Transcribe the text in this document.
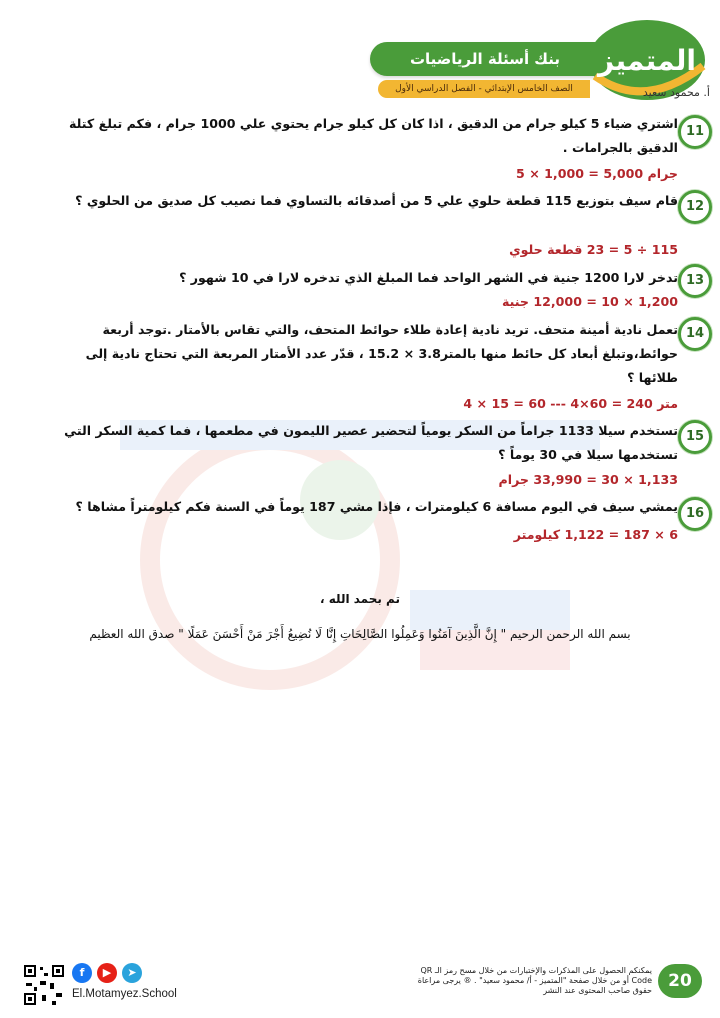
بنك أسئلة الرياضيات
الصف الخامس الإبتدائي - الفصل الدراسي الأول
المتميز
أ. محمود سعيد
11
اشتري ضياء 5 كيلو جرام من الدقيق ، اذا كان كل كيلو جرام يحتوي علي 1000 جرام ، فكم تبلغ كتلة الدقيق بالجرامات .
جرام 5,000 = 1,000 × 5
12
قام سيف بتوزيع 115 قطعة حلوي علي 5 من أصدقائه بالتساوي فما نصيب كل صديق من الحلوي ؟
115 ÷ 5 = 23 قطعة حلوي
13
تدخر لارا 1200 جنية في الشهر الواحد فما المبلغ الذي تدخره لارا في 10 شهور ؟
1,200 × 10 = 12,000 جنية
14
تعمل نادية أمينة متحف. تريد نادية إعادة طلاء حوائط المتحف، والتي تقاس بالأمتار .توجد أربعة حوائط،وتبلغ أبعاد كل حائط منها بالمتر3.8 × 15.2 ، قدّر عدد الأمتار المربعة التي تحتاج نادية إلى طلائها ؟
متر 240 = 60×4 --- 60 = 15 × 4
15
تستخدم سيلا 1133 جراماً من السكر يومياً لتحضير عصير الليمون في مطعمها ، فما كمية السكر التي تستخدمها سيلا في 30 يوماً ؟
1,133 × 30 = 33,990 جرام
16
يمشي سيف في اليوم مسافة 6 كيلومترات ، فإذا مشي 187 يوماً في السنة فكم كيلومتراً مشاها ؟
6 × 187 = 1,122 كيلومتر
تم بحمد الله ،
بسم الله الرحمن الرحيم " إِنَّ الَّذِينَ آمَنُوا وَعَمِلُوا الصَّالِحَاتِ إِنَّا لَا نُضِيعُ أَجْرَ مَنْ أَحْسَنَ عَمَلًا " صدق الله العظيم
f	▶	➤
El.Motamyez.School
يمكنكم الحصول على المذكرات والإختبارات من خلال مسح رمز الـ QR Code أو من خلال صفحة "المتميز - أ/ محمود سعيد" . ® يرجى مراعاة حقوق صاحب المحتوى عند النشر 20
